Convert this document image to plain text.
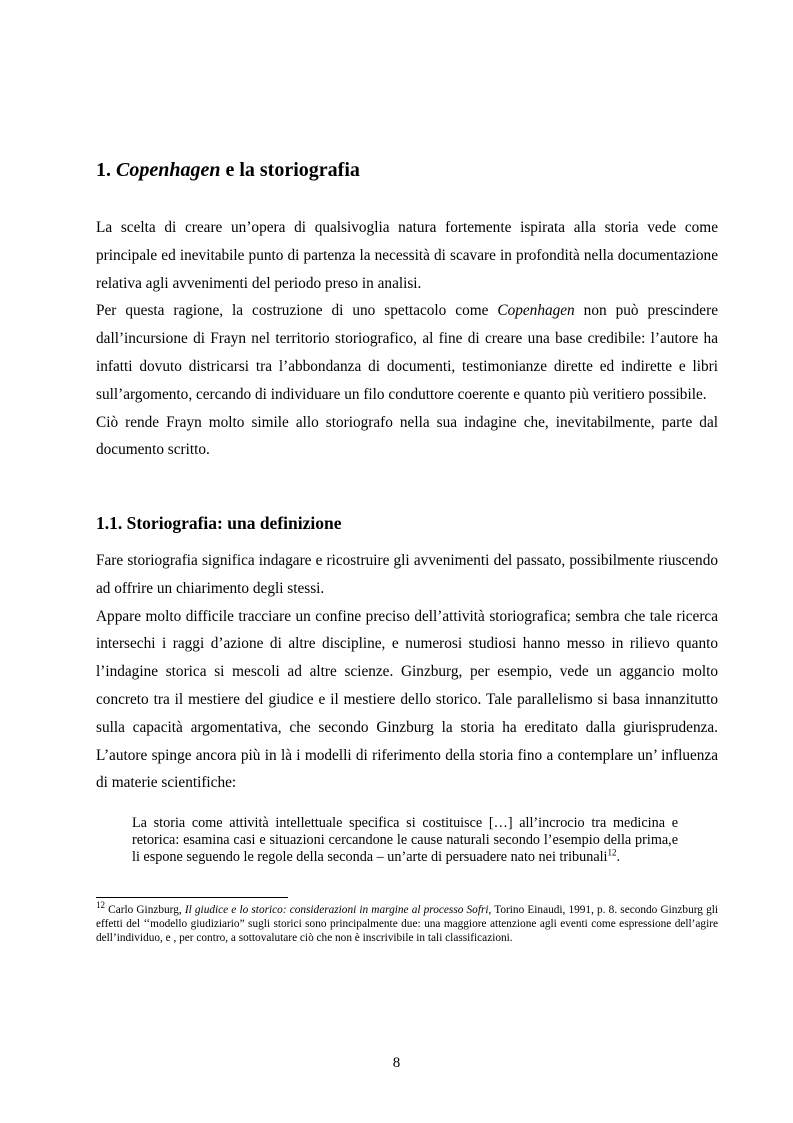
1. Copenhagen e la storiografia

La scelta di creare un’opera di qualsivoglia natura fortemente ispirata alla storia vede come principale ed inevitabile punto di partenza la necessità di scavare in profondità nella documentazione relativa agli avvenimenti del periodo preso in analisi.

Per questa ragione, la costruzione di uno spettacolo come Copenhagen non può prescindere dall’incursione di Frayn nel territorio storiografico, al fine di creare una base credibile: l’autore ha infatti dovuto districarsi tra l’abbondanza di documenti, testimonianze dirette ed indirette e libri sull’argomento, cercando di individuare un filo conduttore coerente e quanto più veritiero possibile.

Ciò rende Frayn molto simile allo storiografo nella sua indagine che, inevitabilmente, parte dal documento scritto.

1.1. Storiografia: una definizione

Fare storiografia significa indagare e ricostruire gli avvenimenti del passato, possibilmente riuscendo ad offrire un chiarimento degli stessi.

Appare molto difficile tracciare un confine preciso dell’attività storiografica; sembra che tale ricerca intersechi i raggi d’azione di altre discipline, e numerosi studiosi hanno messo in rilievo quanto l’indagine storica si mescoli ad altre scienze. Ginzburg, per esempio, vede un aggancio molto concreto tra il mestiere del giudice e il mestiere dello storico. Tale parallelismo si basa innanzitutto sulla capacità argomentativa, che secondo Ginzburg la storia ha ereditato dalla giurisprudenza. L’autore spinge ancora più in là i modelli di riferimento della storia fino a contemplare un’ influenza di materie scientifiche:

La storia come attività intellettuale specifica si costituisce […] all’incrocio tra medicina e retorica: esamina casi e situazioni cercandone le cause naturali secondo l’esempio della prima,e li espone seguendo le regole della seconda – un’arte di persuadere nato nei tribunali$^{12}$.

$^{12}$ Carlo Ginzburg, Il giudice e lo storico: considerazioni in margine al processo Sofri, Torino Einaudi, 1991, p. 8. secondo Ginzburg gli effetti del ‘‘modello giudiziario” sugli storici sono principalmente due: una maggiore attenzione agli eventi come espressione dell’agire dell’individuo, e , per contro, a sottovalutare ciò che non è inscrivibile in tali classificazioni.

8
